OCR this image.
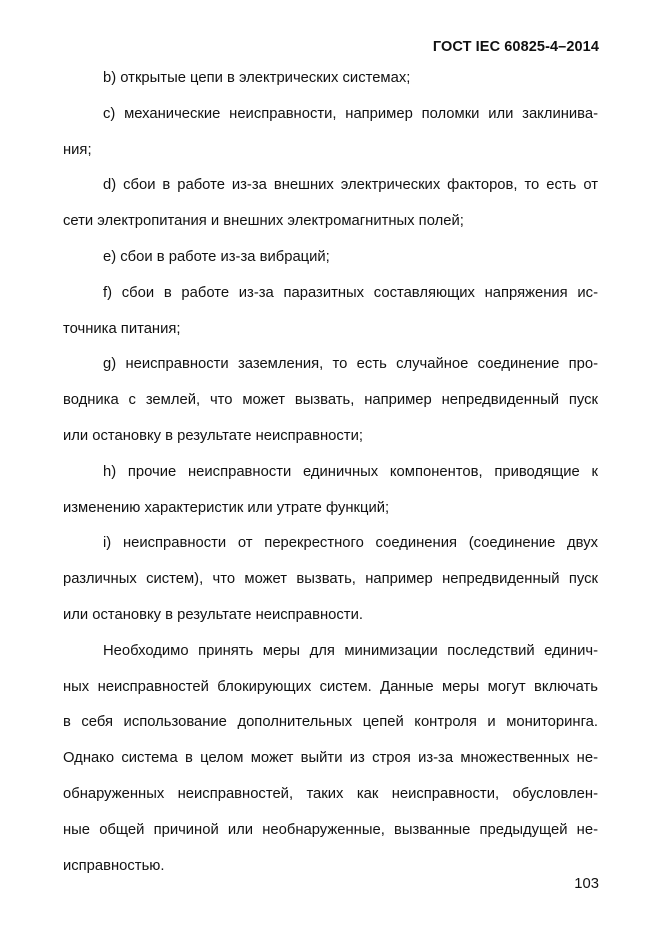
ГОСТ IEC 60825-4–2014
b) открытые цепи в электрических системах;
c) механические неисправности, например поломки или заклинива-
ния;
d) сбои в работе из-за внешних электрических факторов, то есть от
сети электропитания и внешних электромагнитных полей;
e) сбои в работе из-за вибраций;
f) сбои в работе из-за паразитных составляющих напряжения ис-
точника питания;
g) неисправности заземления, то есть случайное соединение про-
водника с землей, что может вызвать, например непредвиденный пуск
или остановку в результате неисправности;
h) прочие неисправности единичных компонентов, приводящие к
изменению характеристик или утрате функций;
i) неисправности от перекрестного соединения (соединение двух
различных систем), что может вызвать, например непредвиденный пуск
или остановку в результате неисправности.
Необходимо принять меры для минимизации последствий единич-
ных неисправностей блокирующих систем. Данные меры могут включать
в себя использование дополнительных цепей контроля и мониторинга.
Однако система в целом может выйти из строя из-за множественных не-
обнаруженных неисправностей, таких как неисправности, обусловлен-
ные общей причиной или необнаруженные, вызванные предыдущей не-
исправностью.
103
